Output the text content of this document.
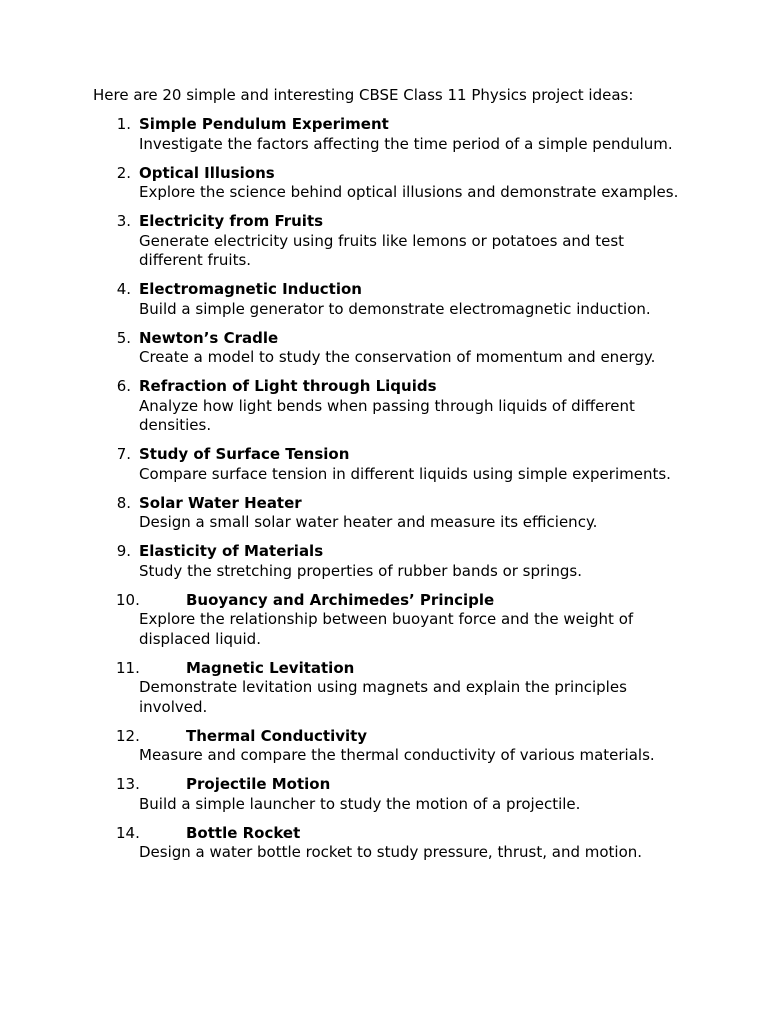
Here are 20 simple and interesting CBSE Class 11 Physics project ideas:
1. Simple Pendulum Experiment
Investigate the factors affecting the time period of a simple pendulum.
2. Optical Illusions
Explore the science behind optical illusions and demonstrate examples.
3. Electricity from Fruits
Generate electricity using fruits like lemons or potatoes and test different fruits.
4. Electromagnetic Induction
Build a simple generator to demonstrate electromagnetic induction.
5. Newton’s Cradle
Create a model to study the conservation of momentum and energy.
6. Refraction of Light through Liquids
Analyze how light bends when passing through liquids of different densities.
7. Study of Surface Tension
Compare surface tension in different liquids using simple experiments.
8. Solar Water Heater
Design a small solar water heater and measure its efficiency.
9. Elasticity of Materials
Study the stretching properties of rubber bands or springs.
10.	Buoyancy and Archimedes’ Principle
Explore the relationship between buoyant force and the weight of displaced liquid.
11.	Magnetic Levitation
Demonstrate levitation using magnets and explain the principles involved.
12.	Thermal Conductivity
Measure and compare the thermal conductivity of various materials.
13.	Projectile Motion
Build a simple launcher to study the motion of a projectile.
14.	Bottle Rocket
Design a water bottle rocket to study pressure, thrust, and motion.
